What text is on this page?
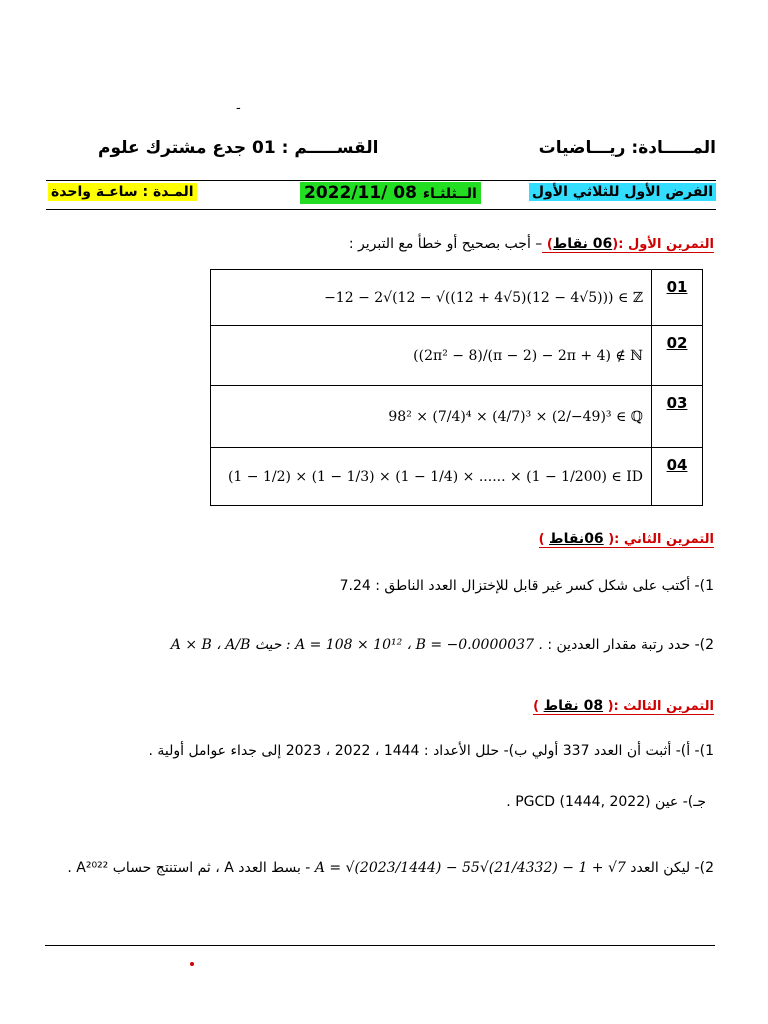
-
المـــــادة: ريـــاضيات
القســـــم : 01 جدع مشترك علوم
الفرض الأول للثلاثي الأول
الــثلثـاء 2022/11/ 08
المـدة : ساعـة واحدة
التمرين الأول :(06 نقاط) – أجب بصحيح أو خطأ مع التبرير :
−12 − 2√(12 − √((12 + 4√5)(12 − 4√5))) ∈ ℤ	01
((2π² − 8)/(π − 2) − 2π + 4) ∉ ℕ	02
98² × (7/4)⁴ × (4/7)³ × (2/−49)³ ∈ ℚ	03
(1 − 1/2) × (1 − 1/3) × (1 − 1/4) × ...... × (1 − 1/200) ∈ ID	04
التمرين الثاني :( 06نقاط )
1)- أكتب على شكل كسر غير قابل للإختزال العدد الناطق : 7.24
2)- حدد رتبة مقدار العددين : A × B ، A/B حيث : A = 108 × 10¹² ، B = −0.0000037 .
التمرين الثالث :( 08 نقاط )
1)- أ)- أثبت أن العدد 337 أولي ب)- حلل الأعداد : 1444 ، 2022 ، 2023 إلى جداء عوامل أولية .
جـ)- عين (PGCD (1444, 2022 .
2)- ليكن العدد A = √(2023/1444) − 55√(21/4332) − 1 + √7 - بسط العدد A ، ثم استنتج حساب A²⁰²² .
